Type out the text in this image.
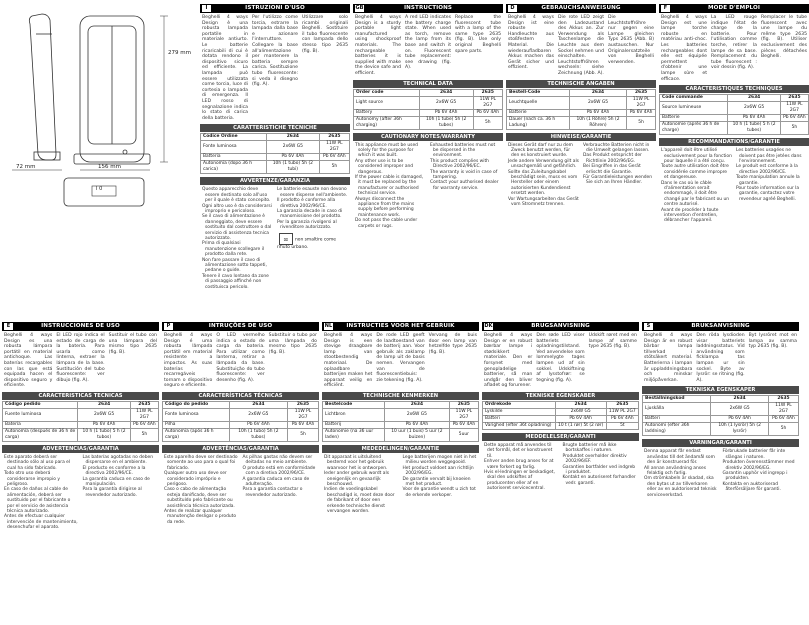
279 mm
72 mm	156 mm
I 0
I	ISTRUZIONI D'USO
Beghelli 4 ways Design è una robusta lampada portatile in materiale antiurto. Le batterie ricaricabili di cui è dotata rendono il dispositivo sicuro ed efficiente. La lampada può essere utilizzata come torcia, luce di cortesia o lampada di emergenza. Il LED rosso di segnalazione indica lo stato di carica della batteria.
Per l'utilizzo come torcia, estrarre la lampada dalla base e azionare l'interruttore. Collegare la base all'alimentazione per mantenere la batteria sempre carica. Sostituzione tubo fluorescente: si veda il disegno (fig. A).
Utilizzare solo ricambi originali Beghelli. Sostituire il tubo fluorescente con lampada dello stesso tipo 2635 (fig. B).
CARATTERISTICHE TECNICHE
Codice Ordine	2634	2635
Fonte luminosa	2x6W G5	11W PL 2G7
Batteria	Pb 6V 4Ah	Pb 6V 4Ah
Autonomia (dopo 36 h carica)	10h (1 tubo) 5h (2 tubi)	5h
AVVERTENZE/GARANZIA
Questo apparecchio deve essere destinato solo all'uso per il quale è stato concepito.
Ogni altro uso è da considerarsi improprio e pericoloso.
Se il cavo di alimentazione è danneggiato, deve essere sostituito dal costruttore o dal servizio di assistenza tecnica autorizzato.
Prima di qualsiasi manutenzione scollegare il prodotto dalla rete.
Non fare passare il cavo di alimentazione sotto tappeti, pedane o guide.
Tenere il cavo lontano da zone di passaggio affinché non costituisca pericolo.
Le batterie esauste non devono essere disperse nell'ambiente.
Il prodotto è conforme alla direttiva 2002/96/CE.
La garanzia decade in caso di manomissione del prodotto.
Per la garanzia rivolgersi al rivenditore autorizzato.
⌧ non smaltire come rifiuto urbano.
GB	INSTRUCTIONS
Beghelli 4 ways Design is a sturdy portable light manufactured using shockproof materials. The rechargeable batteries it is supplied with make the device safe and efficient.
A red LED indicates the battery charge state. When used as torch, remove the lamp from its base and switch it on. Fluorescent tube replacement: see drawing (fig. A).
Replace the fluorescent tube with a lamp of the same type 2635 (fig. B). Use only original Beghelli spare parts.
TECHNICAL DATA
Order code	2634	2635
Light source	2x6W G5	11W PL 2G7
Battery	Pb 6V 4Ah	Pb 6V 4Ah
Autonomy (after 36h charging)	10h (1 tube) 5h (2 tubes)	5h
CAUTIONARY NOTES/WARRANTY
This appliance must be used solely for the purpose for which it was built.
Any other use is to be considered improper and dangerous.
If the power cable is damaged, it must be replaced by the manufacturer or authorised technical service.
Always disconnect the appliance from the mains supply before performing maintenance work.
Do not pass the cable under carpets or rugs.
Exhausted batteries must not be dispersed in the environment.
This product complies with Directive 2002/96/EC.
The warranty is void in case of tampering.
Contact your authorised dealer for warranty service.
D	GEBRAUCHSANWEISUNG
Beghelli 4 ways Design ist eine robuste Handleuchte aus stoßfestem Material. Die wiederaufladbaren Akkus machen das Gerät sicher und effizient.
Die rote LED zeigt den Ladezustand des Akkus an. Zur Verwendung als Taschenlampe die Leuchte aus dem Sockel nehmen und einschalten. Leuchtstoffröhren wechseln: siehe Zeichnung (Abb. A).
Die Leuchtstoffröhre nur gegen eine Lampe gleichen Typs 2635 (Abb. B) austauschen. Nur Originalersatzteile von Beghelli verwenden.
TECHNISCHE ANGABEN
Bestell-Code	2634	2635
Leuchtquelle	2x6W G5	11W PL 2G7
Batterie	Pb 6V 4Ah	Pb 6V 4Ah
Dauer (nach ca. 36 h Ladung)	10h (1 Röhre) 5h (2 Röhren)	5h
HINWEISE/GARANTIE
Dieses Gerät darf nur zu dem Zweck benutzt werden, für den es konstruiert wurde.
Jede andere Verwendung gilt als unsachgemäß und gefährlich.
Sollte das Zuleitungskabel beschädigt sein, muss es vom Hersteller oder einem autorisierten Kundendienst ersetzt werden.
Vor Wartungsarbeiten das Gerät vom Stromnetz trennen.
Verbrauchte Batterien nicht in die Umwelt gelangen lassen.
Das Produkt entspricht der Richtlinie 2002/96/EG.
Bei Eingriffen in das Gerät erlischt die Garantie.
Für Garantieleistungen wenden Sie sich an Ihren Händler.
F	MODE D'EMPLOI
Beghelli 4 ways Design est une lampe torche robuste en matériau anti-choc. Les batteries rechargeables dont elle est équipée permettent d'obtenir une lampe sûre et efficace.
La LED rouge indique l'état de charge de la batterie. Pour l'utilisation comme torche, retirer la lampe de sa base. Remplacement du tube fluorescent : voir dessin (fig. A).
Remplacer le tube fluorescent avec une lampe du même type 2635 (fig. B). Utiliser exclusivement des pièces détachées Beghelli.
CARACTERISTIQUES TECHNIQUES
Code commande	2634	2635
Source lumineuse	2x6W G5	11W PL 2G7
Batterie	Pb 6V 4Ah	Pb 6V 4Ah
Autonomie (après 36 h de charge)	10 h (1 tube) 5 h (2 tubes)	5h
RECOMMANDATIONS/GARANTIE
L'appareil doit être utilisé exclusivement pour la fonction pour laquelle il a été conçu.
Toute autre utilisation doit être considérée comme impropre et dangereuse.
Dans le cas où le câble d'alimentation serait endommagé, il doit être changé par le fabricant ou un centre autorisé.
Avant de procéder à toute intervention d'entretien, débrancher l'appareil.
Les batteries usagées ne doivent pas être jetées dans l'environnement.
Le produit est conforme à la directive 2002/96/CE.
Toute manipulation annule la garantie.
Pour toute information sur la garantie, contactez votre revendeur agréé Beghelli.
E	INSTRUCCIONES DE USO
Beghelli 4 ways Design es una robusta lámpara portátil en material antichoque. Las baterías recargables con las que está equipada hacen el dispositivo seguro y eficiente.
El LED rojo indica el estado de carga de la batería. Para usarla como linterna, extraer la lámpara de la base. Sustitución del tubo fluorescente: ver dibujo (fig. A).
Sustituir el tubo con una lámpara del mismo tipo 2635 (fig. B).
CARACTERISTICAS TECNICAS
Código pedido	2634	2635
Fuente luminosa	2x6W G5	11W PL 2G7
Batería	Pb 6V 4Ah	Pb 6V 4Ah
Autonomía (después de 36 h de carga)	10 h (1 tubo) 5 h (2 tubos)	5h
ADVERTENCIAS/GARANTIA
Este aparato deberá ser destinado sólo al uso para el cual ha sido fabricado.
Todo otro uso deberá considerarse impropio y peligroso.
En caso de daños al cable de alimentación, deberá ser sustituido por el fabricante o por el servicio de asistencia técnica autorizado.
Antes de efectuar cualquier intervención de mantenimiento, desenchufar el aparato.
Las baterías agotadas no deben dispersarse en el ambiente.
El producto es conforme a la directiva 2002/96/CE.
La garantía caduca en caso de manipulación.
Para la garantía dirigirse al revendedor autorizado.
P	INTRUÇÕES DE USO
Beghelli 4 ways Design é uma robusta lâmpada portátil em material resistente a impactos. As suas baterias recarregáveis tornam o dispositivo seguro e eficiente.
O LED vermelho indica o estado de carga da bateria. Para utilizar como lanterna, retirar a lâmpada da base. Substituição do tubo fluorescente: ver desenho (fig. A).
Substituir o tubo por uma lâmpada do mesmo tipo 2635 (fig. B).
CARACTERÍSTICAS TÉCNICAS
Código do pedido	2634	2635
Fonte luminosa	2x6W G5	11W PL 2G7
Pilha	Pb 6V 4Ah	Pb 6V 4Ah
Autonomia (após 36 h carga)	10h (1 tubo) 5h (2 tubos)	5h
ADVERTÊNCIAS/GARANTIA
Este aparelho deve ser destinado somente ao uso para o qual foi fabricado.
Qualquer outro uso deve ser considerado impróprio e perigoso.
Caso o cabo de alimentação esteja danificado, deve ser substituído pelo fabricante ou assistência técnica autorizada.
Antes de realizar qualquer manutenção desligar o produto da rede.
As pilhas gastas não devem ser deitadas no meio ambiente.
O produto está em conformidade com a diretiva 2002/96/CE.
A garantia caduca em caso de adulteração.
Para a garantia contactar o revendedor autorizado.
NL	INSTRUCTIES VOOR HET GEBRUIK
Beghelli 4 ways Design is een stevige draagbare lamp van stootbestendig materiaal. De oplaadbare batterijen maken het apparaat veilig en efficiënt.
De rode LED geeft de laadtoestand van de batterij aan. Voor gebruik als zaklamp de lamp uit de basis nemen. Vervangen van de fluorescentiebuis: zie tekening (fig. A).
Vervang de buis door een lamp van hetzelfde type 2635 (fig. B).
TECHNISCHE KENMERKEN
Bestelcode	2634	2635
Lichtbron	2x6W G5	11W PL 2G7
Batterij	Pb 6V 4Ah	Pb 6V 4Ah
Autonomie (na 36 uur laden)	10 uur (1 buis) 5 uur (2 buizen)	5uur
MEDEDELINGEN/GARANTIE
Dit apparaat is uitsluitend bestemd voor het gebruik waarvoor het is ontworpen.
Ieder ander gebruik wordt als oneigenlijk en gevaarlijk beschouwd.
Indien de voedingskabel beschadigd is, moet deze door de fabrikant of door een erkende technische dienst vervangen worden.
Lege batterijen mogen niet in het milieu worden weggegooid.
Het product voldoet aan richtlijn 2002/96/EG.
De garantie vervalt bij knoeien met het product.
Voor de garantie wendt u zich tot de erkende verkoper.
DK	BRUGSANVISNING
Beghelli 4 ways Design er en robust bærbar lampe i stødsikkert materiale. Den er forsynet med genopladelige batterier, så man undgår den bliver afladet og forurener.
Den røde LED viser batteriets opladningstilstand. Ved anvendelse som lommelygte tages lampen ud af sin sokkel. Udskiftning af lysstofrør: se tegning (fig. A).
Udskift røret med en lampe af samme type 2635 (fig. B).
TEKNISKE EGENSKABER
Ordrekode	2634	2635
Lyskilde	2x6W G5	11W PL 2G7
Batteri	Pb 6V 4Ah	Pb 6V 4Ah
Varighed (efter 36t opladning)	10 t (1 rør) 5t (2 rør)	5t
MEDDELELSER/GARANTI
Dette apparat må anvendes til det formål, det er konstrueret til.
Enhver anden brug anses for at være forkert og farlig.
Hvis el-ledningen er beskadiget, skal den udskiftes af producenten eller af en autoriseret servicecentral.
Brugte batterier må ikke bortskaffes i naturen.
Produktet overholder direktiv 2002/96/EF.
Garantien bortfalder ved indgreb i produktet.
Kontakt en autoriseret forhandler vedr. garanti.
S	BRUKSANVISNING
Beghelli 4 ways Design är en robust bärbar lampa tillverkad i stötsäkert material. Batterierna i lampan är uppladdningsbara och minskar miljöpåverkan.
Den röda lysdioden visar batteriets laddningsstatus. Vid användning som ficklampa tas lampan ur sin sockel. Byte av lysrör: se ritning (fig. A).
Byt lysröret mot en lampa av samma typ 2635 (fig. B).
TEKNISKA EGENSKAPER
Beställningskod	2634	2635
Ljuskälla	2x6W G5	11W PL 2G7
Batteri	Pb 6V 4Ah	Pb 6V 4Ah
Autonomi (efter 36h laddning)	10h (1 lysrör) 5h (2 lysrör)	5h
VARNINGAR/GARANTI
Denna apparat får endast användas till det ändamål som den är konstruerad för.
All annan användning anses felaktig och farlig.
Om strömkabeln är skadad, ska den bytas ut av tillverkaren eller av en auktoriserad teknisk serviceverkstad.
Förbrukade batterier får inte slängas i naturen.
Produkten överensstämmer med direktiv 2002/96/EG.
Garantin upphör vid ingrepp i produkten.
Kontakta en auktoriserad återförsäljare för garanti.
